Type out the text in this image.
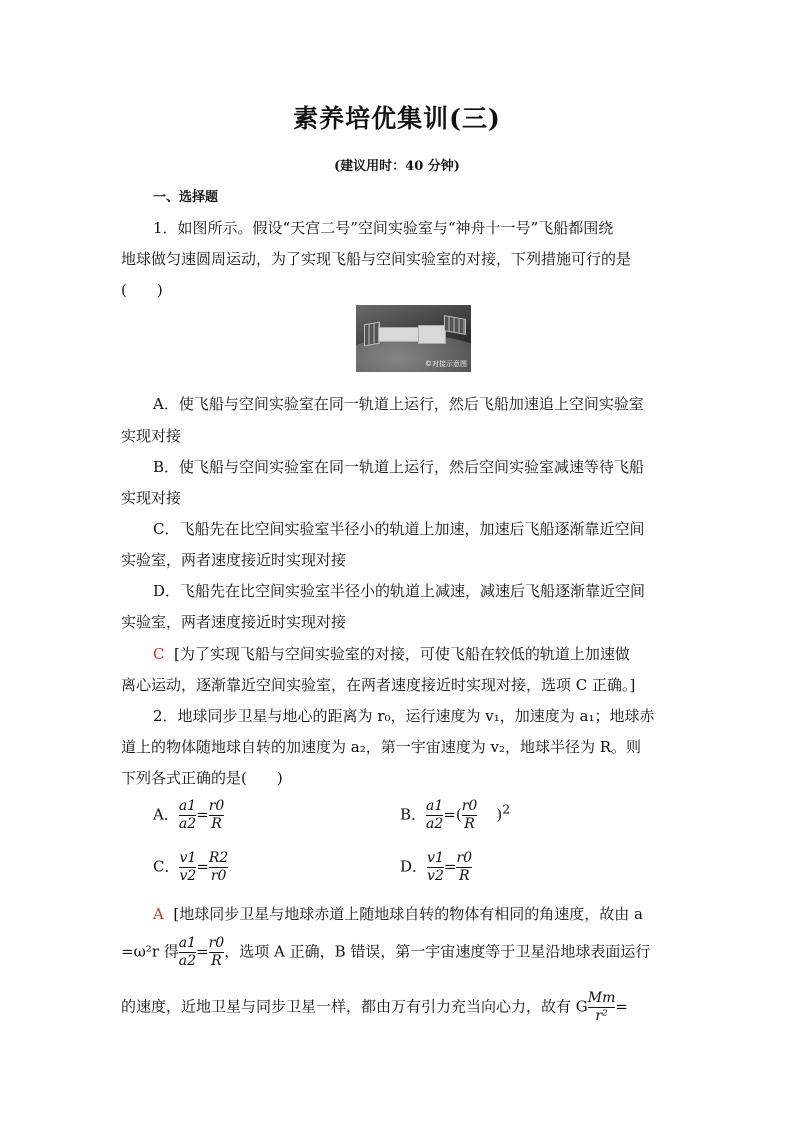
素养培优集训(三)
(建议用时：40 分钟)
一、选择题
1．如图所示。假设“天宫二号”空间实验室与“神舟十一号”飞船都围绕
地球做匀速圆周运动，为了实现飞船与空间实验室的对接，下列措施可行的是
(　　)
©对接示意图
A．使飞船与空间实验室在同一轨道上运行，然后飞船加速追上空间实验室
实现对接
B．使飞船与空间实验室在同一轨道上运行，然后空间实验室减速等待飞船
实现对接
C．飞船先在比空间实验室半径小的轨道上加速，加速后飞船逐渐靠近空间
实验室，两者速度接近时实现对接
D．飞船先在比空间实验室半径小的轨道上减速，减速后飞船逐渐靠近空间
实验室，两者速度接近时实现对接
C [为了实现飞船与空间实验室的对接，可使飞船在较低的轨道上加速做
离心运动，逐渐靠近空间实验室，在两者速度接近时实现对接，选项 C 正确。]
2．地球同步卫星与地心的距离为 r₀，运行速度为 v₁，加速度为 a₁；地球赤
道上的物体随地球自转的加速度为 a₂，第一宇宙速度为 v₂，地球半径为 R。则
下列各式正确的是(　　)
A． $\frac{a1}{a2} = \frac{r0}{R}$	B． $\frac{a1}{a2}$ =( $\frac{r0}{R} )^2$
C． $\frac{v1}{v2} = \frac{R2}{r0}$	D． $\frac{v1}{v2} = \frac{r0}{R}$
A [地球同步卫星与地球赤道上随地球自转的物体有相同的角速度，故由 a
=ω²r 得 $\frac{a1}{a2} = \frac{r0}{R}$ ，选项 A 正确，B 错误，第一宇宙速度等于卫星沿地球表面运行
的速度，近地卫星与同步卫星一样，都由万有引力充当向心力，故有 G $\frac{Mm}{\text{r²}}$ =
